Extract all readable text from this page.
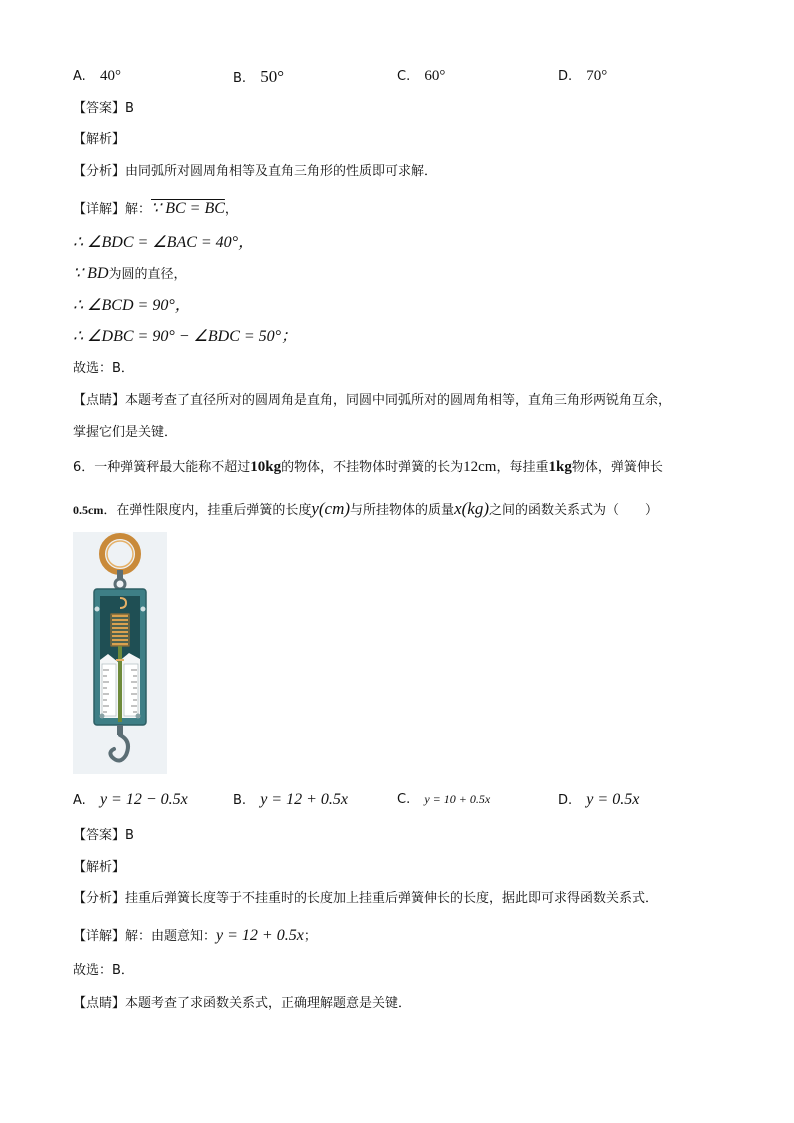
A. 40°	B. 50°	C. 60°	D. 70°
【答案】B
【解析】
【分析】由同弧所对圆周角相等及直角三角形的性质即可求解．
【详解】解：∵ BC = BC，
∴ ∠BDC = ∠BAC = 40°，
∵ BD为圆的直径，
∴ ∠BCD = 90°，
∴ ∠DBC = 90° − ∠BDC = 50°；
故选：B．
【点睛】本题考查了直径所对的圆周角是直角，同圆中同弧所对的圆周角相等，直角三角形两锐角互余，
掌握它们是关键．
6．一种弹簧秤最大能称不超过10kg的物体，不挂物体时弹簧的长为12cm，每挂重1kg物体，弹簧伸长
0.5cm．在弹性限度内，挂重后弹簧的长度y(cm)与所挂物体的质量x(kg)之间的函数关系式为（　　）
A. y = 12 − 0.5x	B. y = 12 + 0.5x	C. y = 10 + 0.5x	D. y = 0.5x
【答案】B
【解析】
【分析】挂重后弹簧长度等于不挂重时的长度加上挂重后弹簧伸长的长度，据此即可求得函数关系式．
【详解】解：由题意知：y = 12 + 0.5x；
故选：B．
【点睛】本题考查了求函数关系式，正确理解题意是关键．
